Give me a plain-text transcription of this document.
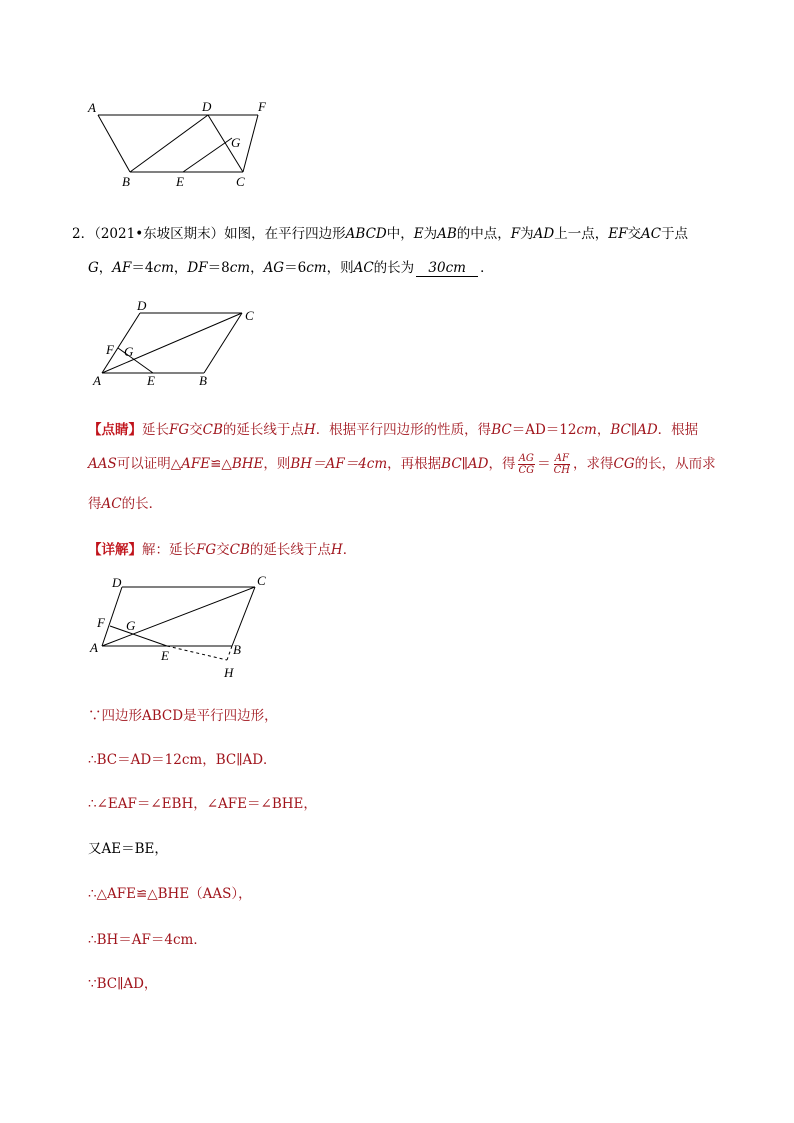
A	D	F
G
B	E	C
2．（2021•东坡区期末）如图，在平行四边形ABCD中，E为AB的中点，F为AD上一点，EF交AC于点
G，AF＝4cm，DF＝8cm，AG＝6cm，则AC的长为 30cm ．
D
C
F G
A	E	B
【点睛】延长FG交CB的延长线于点H．根据平行四边形的性质，得BC＝AD＝12cm，BC∥AD．根据
AAS可以证明△AFE≌△BHE，则BH＝AF＝4cm，再根据BC∥AD，得 $\frac{AG}{CG} = \frac{AF}{CH}$ ，求得CG的长，从而求
得AC的长．
【详解】解：延长FG交CB的延长线于点H．
D	C
F G
A
E	B
H
∵四边形ABCD是平行四边形，
∴BC＝AD＝12cm，BC∥AD．
∴∠EAF＝∠EBH，∠AFE＝∠BHE，
又AE＝BE，
∴△AFE≌△BHE（AAS），
∴BH＝AF＝4cm．
∵BC∥AD，
